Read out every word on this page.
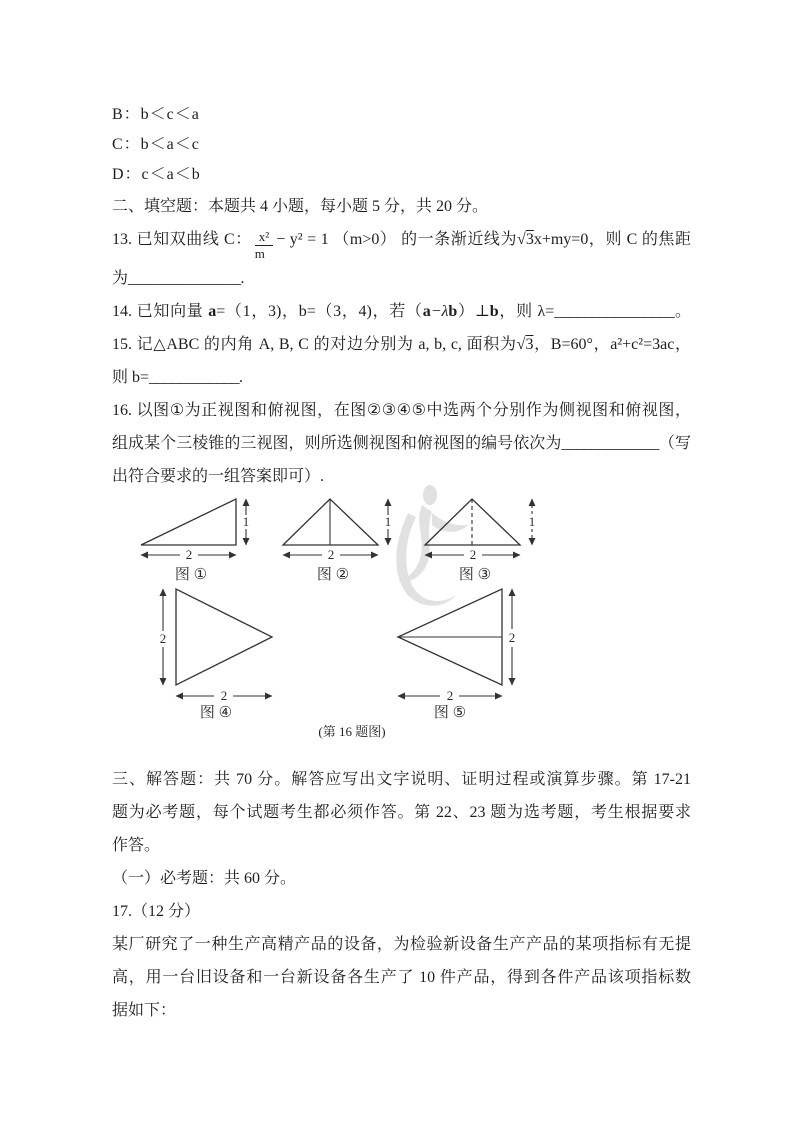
B：b＜c＜a

C：b＜a＜c

D：c＜a＜b

二、填空题：本题共 4 小题，每小题 5 分，共 20 分。

13. 已知双曲线 C： $\frac{\text{x²}}{m} - y^2 = 1$ （m>0） 的一条渐近线为√3x+my=0，则 C 的焦距

为_______________.

14. 已知向量 a=（1，3)，b=（3，4)，若（a−λb）⊥b，则 λ=________________。

15. 记△ABC 的内角 A, B, C 的对边分别为 a, b, c, 面积为√3，B=60°，a²+c²=3ac，

则 b=____________.

16. 以图①为正视图和俯视图，在图②③④⑤中选两个分别作为侧视图和俯视图，

组成某个三棱锥的三视图，则所选侧视图和俯视图的编号依次为_____________（写

出符合要求的一组答案即可）.

1
2
图 ①
1
2
图 ②
1
2
图 ③
2
2
图 ④
2
2
图 ⑤
(第 16 题图)

三、解答题：共 70 分。解答应写出文字说明、证明过程或演算步骤。第 17-21

题为必考题，每个试题考生都必须作答。第 22、23 题为选考题，考生根据要求

作答。

（一）必考题：共 60 分。

17.（12 分）

某厂研究了一种生产高精产品的设备，为检验新设备生产产品的某项指标有无提

高，用一台旧设备和一台新设备各生产了 10 件产品，得到各件产品该项指标数

据如下：
